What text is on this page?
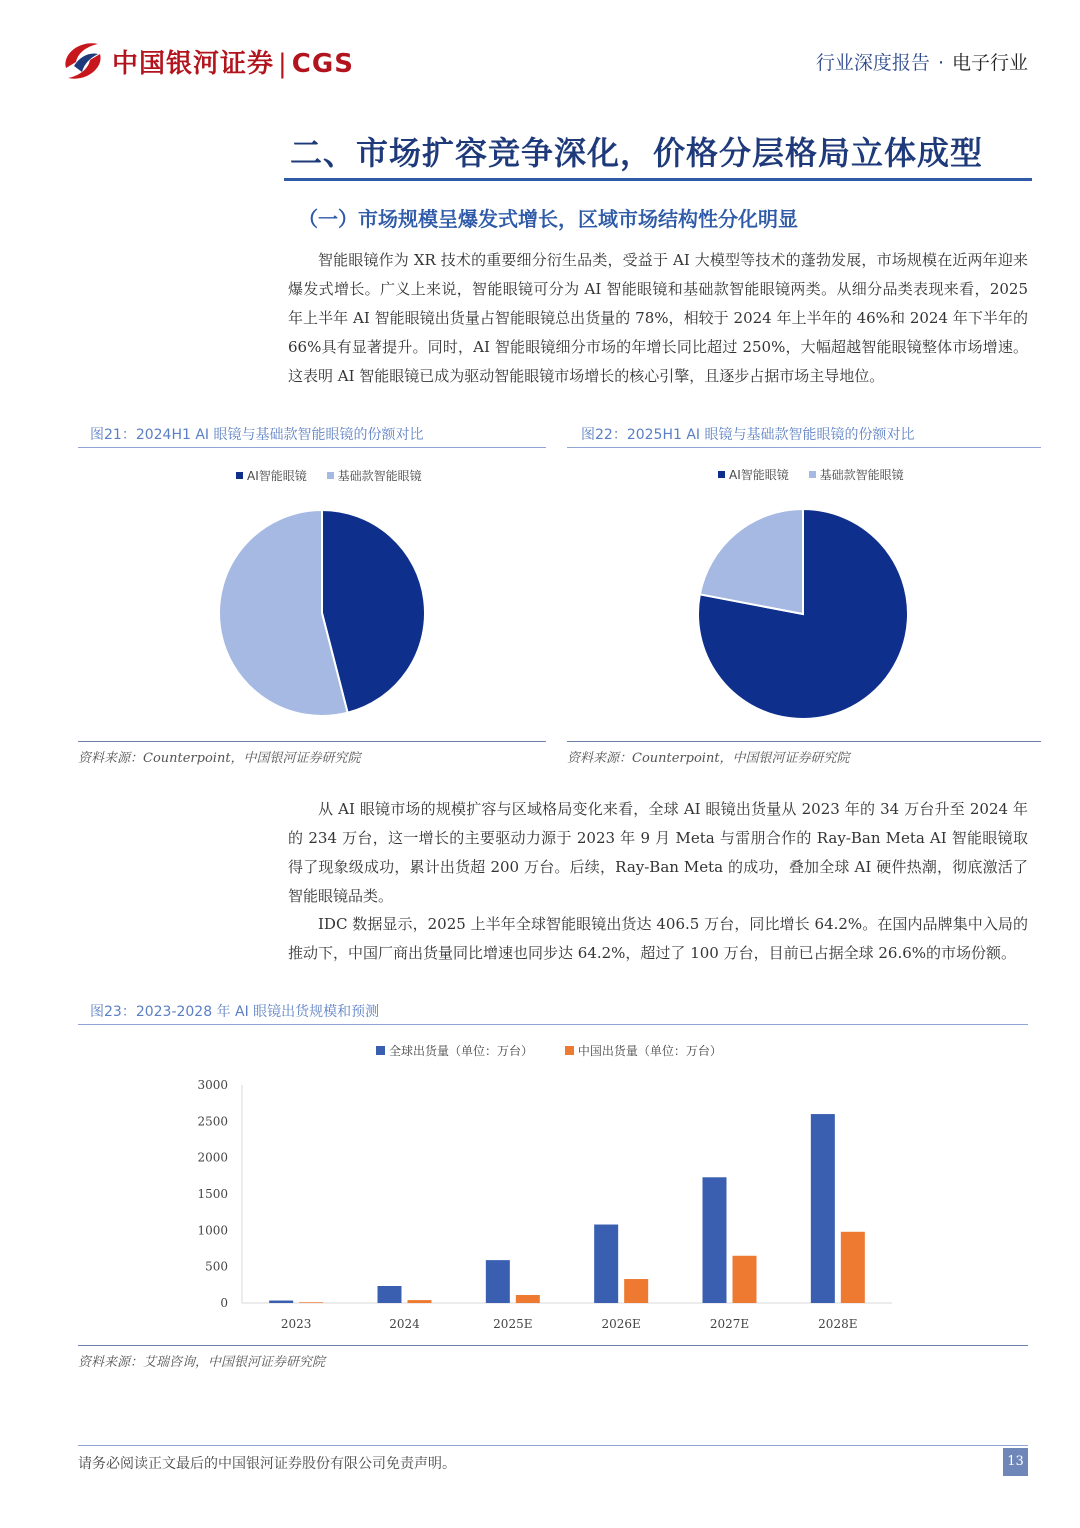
中国银河证券 | CGS	行业深度报告 · 电子行业
二、市场扩容竞争深化，价格分层格局立体成型
（一）市场规模呈爆发式增长，区域市场结构性分化明显

智能眼镜作为 XR 技术的重要细分衍生品类，受益于 AI 大模型等技术的蓬勃发展，市场规模在近两年迎来爆发式增长。广义上来说，智能眼镜可分为 AI 智能眼镜和基础款智能眼镜两类。从细分品类表现来看，2025 年上半年 AI 智能眼镜出货量占智能眼镜总出货量的 78%，相较于 2024 年上半年的 46%和 2024 年下半年的 66%具有显著提升。同时，AI 智能眼镜细分市场的年增长同比超过 250%，大幅超越智能眼镜整体市场增速。这表明 AI 智能眼镜已成为驱动智能眼镜市场增长的核心引擎，且逐步占据市场主导地位。

图21：2024H1 AI 眼镜与基础款智能眼镜的份额对比
AI智能眼镜	基础款智能眼镜
资料来源：Counterpoint，中国银河证券研究院
图22：2025H1 AI 眼镜与基础款智能眼镜的份额对比
AI智能眼镜	基础款智能眼镜
资料来源：Counterpoint，中国银河证券研究院

从 AI 眼镜市场的规模扩容与区域格局变化来看，全球 AI 眼镜出货量从 2023 年的 34 万台升至 2024 年的 234 万台，这一增长的主要驱动力源于 2023 年 9 月 Meta 与雷朋合作的 Ray-Ban Meta AI 智能眼镜取得了现象级成功，累计出货超 200 万台。后续，Ray-Ban Meta 的成功，叠加全球 AI 硬件热潮，彻底激活了智能眼镜品类。

IDC 数据显示，2025 上半年全球智能眼镜出货达 406.5 万台，同比增长 64.2%。在国内品牌集中入局的推动下，中国厂商出货量同比增速也同步达 64.2%，超过了 100 万台，目前已占据全球 26.6%的市场份额。

图23：2023-2028 年 AI 眼镜出货规模和预测
全球出货量（单位：万台）	中国出货量（单位：万台）
0
500
1000
1500
2000
2500
3000
2023	2024	2025E	2026E	2027E	2028E
资料来源：艾瑞咨询，中国银河证券研究院
请务必阅读正文最后的中国银河证券股份有限公司免责声明。	13
